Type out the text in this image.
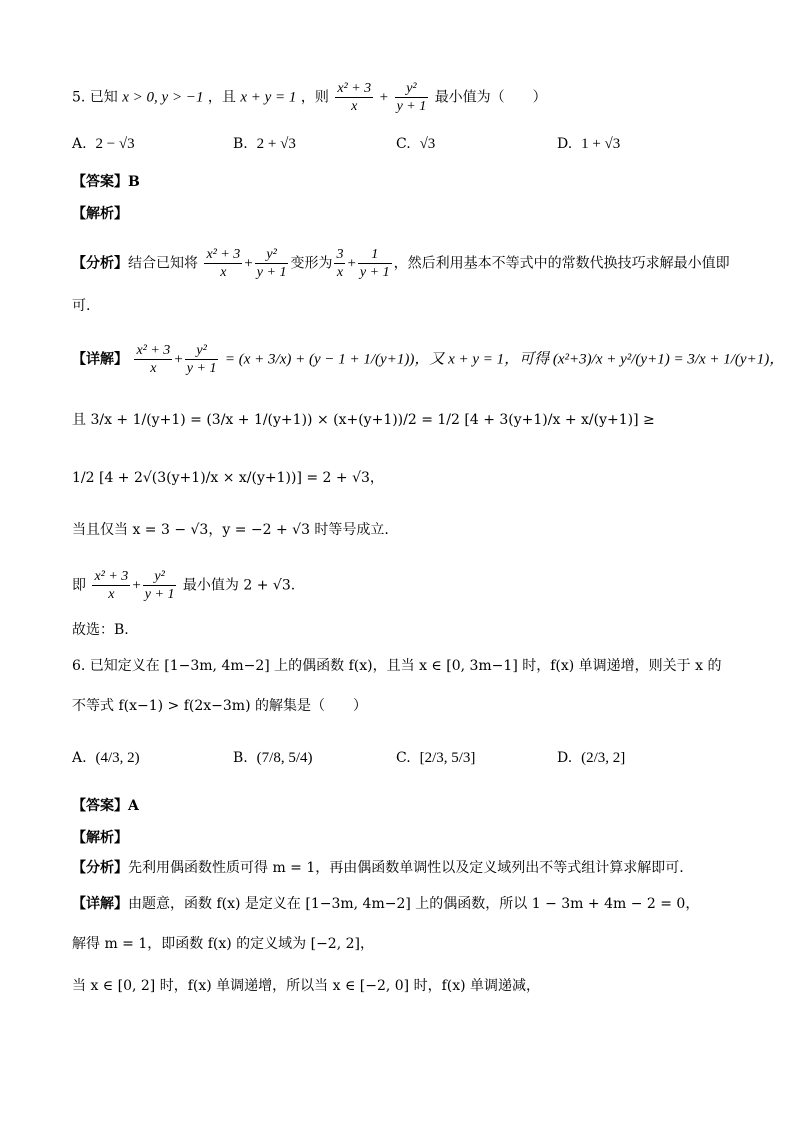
5. 已知 x > 0, y > −1 ，且 x + y = 1 ，则 $\frac{\text{x² + 3}}{x} + \frac{\text{y²}}{y + 1}$ 最小值为（　　）
A. 2 − √3	B. 2 + √3	C. √3	D. 1 + √3
【答案】B
【解析】
【分析】结合已知将 $\frac{\text{x² + 3}}{x} + \frac{\text{y²}}{y + 1}$ 变形为 $\frac{3}{x} + \frac{1}{y + 1}$ ，然后利用基本不等式中的常数代换技巧求解最小值即
可.
【详解】 $\frac{\text{x² + 3}}{x} + \frac{\text{y²}}{y + 1} = (x + 3/x) + (y - 1 + 1/(y+1))$，又 x + y = 1，可得 (x²+3)/x + y²/(y+1) = 3/x + 1/(y+1)，
且 3/x + 1/(y+1) = (3/x + 1/(y+1)) × (x+(y+1))/2 = 1/2 [4 + 3(y+1)/x + x/(y+1)] ≥
1/2 [4 + 2√(3(y+1)/x × x/(y+1))] = 2 + √3，
当且仅当 x = 3 − √3，y = −2 + √3 时等号成立.
即 $\frac{\text{x² + 3}}{x} + \frac{\text{y²}}{y + 1}$ 最小值为 2 + √3.
故选：B.
6. 已知定义在 [1−3m, 4m−2] 上的偶函数 f(x)，且当 x ∈ [0, 3m−1] 时，f(x) 单调递增，则关于 x 的
不等式 f(x−1) > f(2x−3m) 的解集是（　　）
A. (4/3, 2)	B. (7/8, 5/4)	C. [2/3, 5/3]	D. (2/3, 2]
【答案】A
【解析】
【分析】先利用偶函数性质可得 m = 1，再由偶函数单调性以及定义域列出不等式组计算求解即可.
【详解】由题意，函数 f(x) 是定义在 [1−3m, 4m−2] 上的偶函数，所以 1 − 3m + 4m − 2 = 0，
解得 m = 1，即函数 f(x) 的定义域为 [−2, 2]，
当 x ∈ [0, 2] 时，f(x) 单调递增，所以当 x ∈ [−2, 0] 时，f(x) 单调递减，
